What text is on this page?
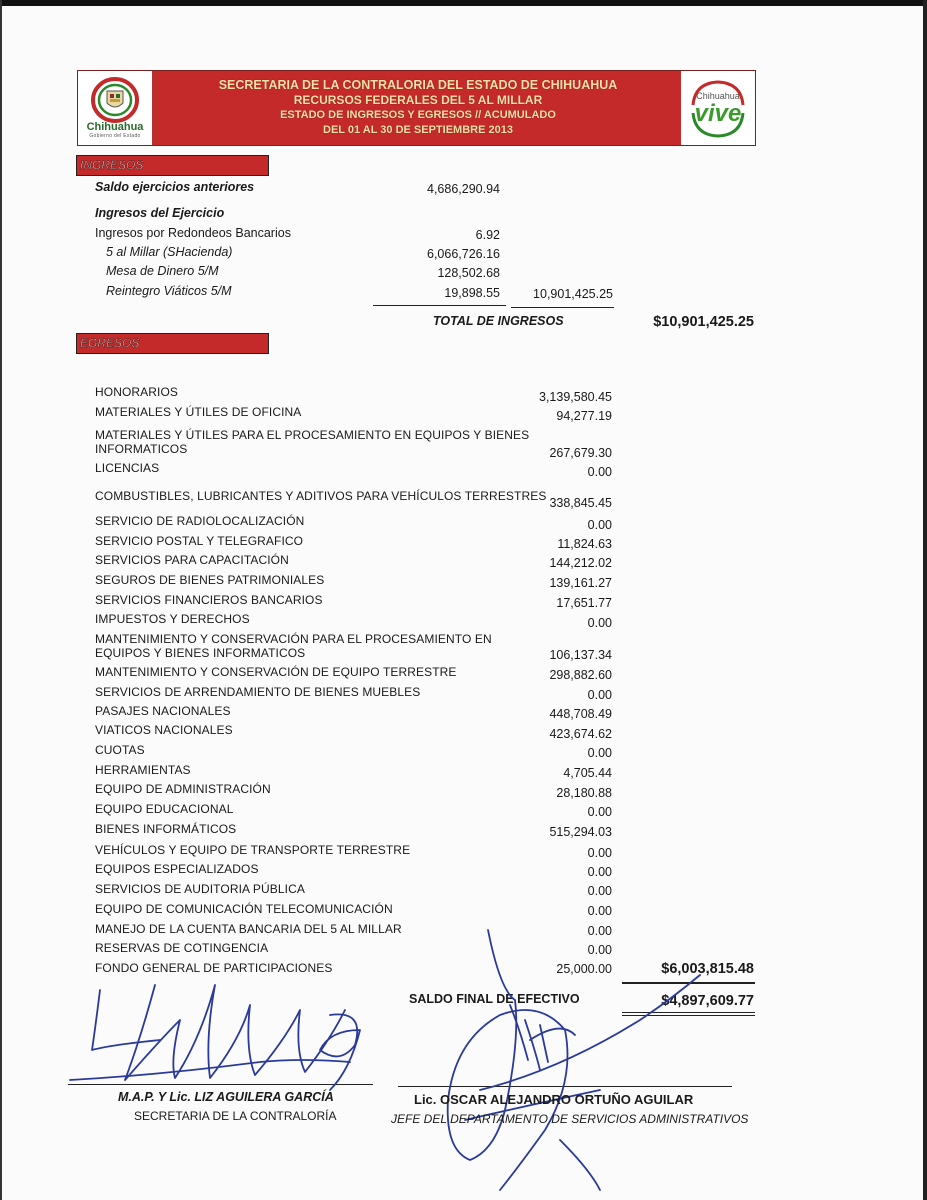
Chihuahua
Gobierno del Estado
SECRETARIA DE LA CONTRALORIA DEL ESTADO DE CHIHUAHUA
RECURSOS FEDERALES DEL 5 AL MILLAR
ESTADO DE INGRESOS Y EGRESOS // ACUMULADO
DEL 01 AL 30 DE SEPTIEMBRE 2013
Chihuahua
vive
INGRESOS
Saldo ejercicios anteriores	4,686,290.94
Ingresos del Ejercicio
Ingresos por Redondeos Bancarios	6.92
5 al Millar (SHacienda)	6,066,726.16
Mesa de Dinero 5/M	128,502.68
Reintegro Viáticos 5/M	19,898.55	10,901,425.25
TOTAL DE INGRESOS	$10,901,425.25
EGRESOS
HONORARIOS	3,139,580.45
MATERIALES Y ÚTILES DE OFICINA	94,277.19
MATERIALES Y ÚTILES PARA EL PROCESAMIENTO EN EQUIPOS Y BIENES
INFORMATICOS	267,679.30
LICENCIAS	0.00
COMBUSTIBLES, LUBRICANTES Y ADITIVOS PARA VEHÍCULOS TERRESTRES 338,845.45
SERVICIO DE RADIOLOCALIZACIÓN	0.00
SERVICIO POSTAL Y TELEGRAFICO	11,824.63
SERVICIOS PARA CAPACITACIÓN	144,212.02
SEGUROS DE BIENES PATRIMONIALES	139,161.27
SERVICIOS FINANCIEROS BANCARIOS	17,651.77
IMPUESTOS Y DERECHOS	0.00
MANTENIMIENTO Y CONSERVACIÓN PARA EL PROCESAMIENTO EN
EQUIPOS Y BIENES INFORMATICOS	106,137.34
MANTENIMIENTO Y CONSERVACIÓN DE EQUIPO TERRESTRE	298,882.60
SERVICIOS DE ARRENDAMIENTO DE BIENES MUEBLES	0.00
PASAJES NACIONALES	448,708.49
VIATICOS NACIONALES	423,674.62
CUOTAS	0.00
HERRAMIENTAS	4,705.44
EQUIPO DE ADMINISTRACIÓN	28,180.88
EQUIPO EDUCACIONAL	0.00
BIENES INFORMÁTICOS	515,294.03
VEHÍCULOS Y EQUIPO DE TRANSPORTE TERRESTRE	0.00
EQUIPOS ESPECIALIZADOS	0.00
SERVICIOS DE AUDITORIA PÚBLICA	0.00
EQUIPO DE COMUNICACIÓN TELECOMUNICACIÓN	0.00
MANEJO DE LA CUENTA BANCARIA DEL 5 AL MILLAR	0.00
RESERVAS DE COTINGENCIA	0.00
FONDO GENERAL DE PARTICIPACIONES	25,000.00	$6,003,815.48
SALDO FINAL DE EFECTIVO	$4,897,609.77
M.A.P. Y Lic. LIZ AGUILERA GARCÍA
SECRETARIA DE LA CONTRALORÍA
Lic. OSCAR ALEJANDRO ORTUÑO AGUILAR
JEFE DEL DEPARTAMENTO DE SERVICIOS ADMINISTRATIVOS
